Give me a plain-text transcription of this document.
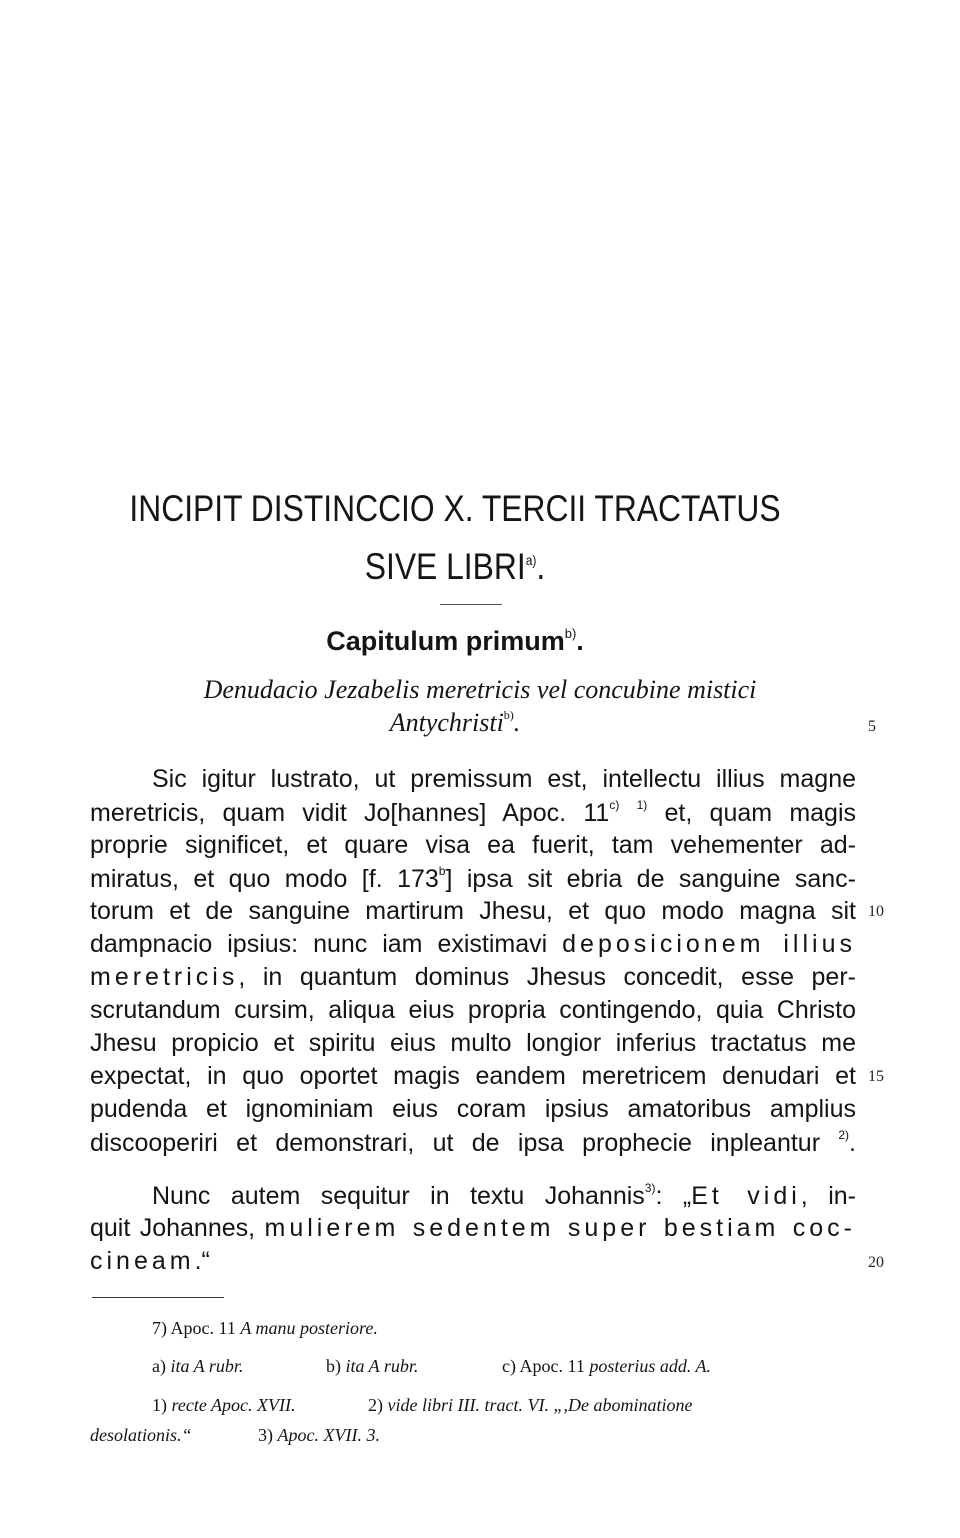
INCIPIT DISTINCCIO X. TERCII TRACTATUS
SIVE LIBRI$^{a)}$.
Capitulum primum$^{b)}$.
Denudacio Jezabelis meretricis vel concubine mistici
Antychristi$^{b)}$.	5
Sic igitur lustrato, ut premissum est, intellectu illius magne
meretricis, quam vidit Jo[hannes] Apoc. 11$^{c)}$ $^{1)}$ et, quam magis
proprie significet, et quare visa ea fuerit, tam vehementer ad-
miratus, et quo modo [f. 173$^b$] ipsa sit ebria de sanguine sanc-
torum et de sanguine martirum Jhesu, et quo modo magna sit 10
dampnacio ipsius: nunc iam existimavi deposicionem illius
meretricis, in quantum dominus Jhesus concedit, esse per-
scrutandum cursim, aliqua eius propria contingendo, quia Christo
Jhesu propicio et spiritu eius multo longior inferius tractatus me
expectat, in quo oportet magis eandem meretricem denudari et 15
pudenda et ignominiam eius coram ipsius amatoribus amplius
discooperiri et demonstrari, ut de ipsa prophecie inpleantur $^{2)}$.
Nunc autem sequitur in textu Johannis$^{3)}$: „Et vidi, in-
quit Johannes, mulierem sedentem super bestiam coc-
cineam.“	20
7) Apoc. 11 A manu posteriore.
a) ita A rubr.	b) ita A rubr.	c) Apoc. 11 posterius add. A.
1) recte Apoc. XVII.	2) vide libri III. tract. VI. „,De abominatione
desolationis.“	3) Apoc. XVII. 3.
